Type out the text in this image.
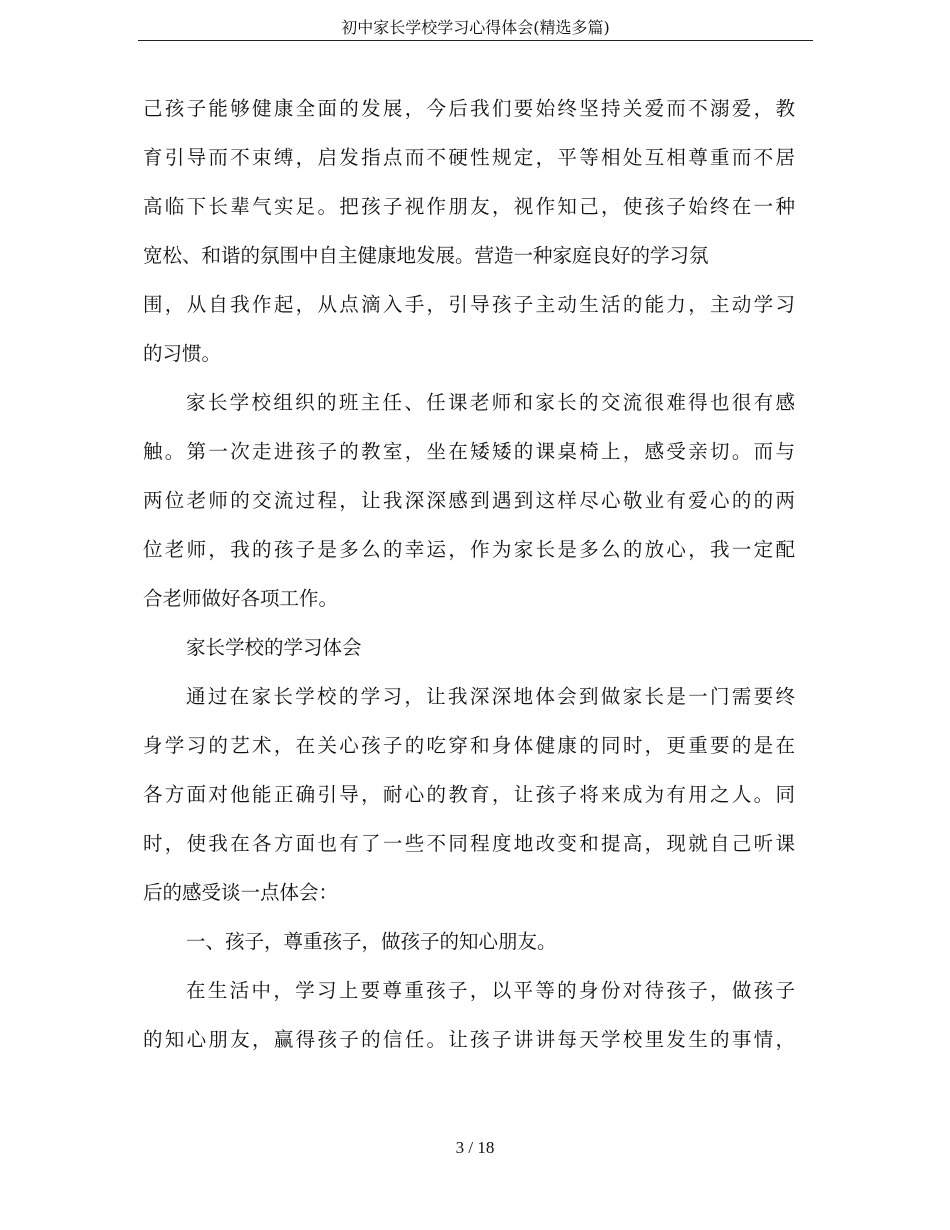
初中家长学校学习心得体会(精选多篇)
己孩子能够健康全面的发展，今后我们要始终坚持关爱而不溺爱，教
育引导而不束缚，启发指点而不硬性规定，平等相处互相尊重而不居
高临下长辈气实足。把孩子视作朋友，视作知己，使孩子始终在一种
宽松、和谐的氛围中自主健康地发展。营造一种家庭良好的学习氛
围，从自我作起，从点滴入手，引导孩子主动生活的能力，主动学习
的习惯。
家长学校组织的班主任、任课老师和家长的交流很难得也很有感
触。第一次走进孩子的教室，坐在矮矮的课桌椅上，感受亲切。而与
两位老师的交流过程，让我深深感到遇到这样尽心敬业有爱心的的两
位老师，我的孩子是多么的幸运，作为家长是多么的放心，我一定配
合老师做好各项工作。
家长学校的学习体会
通过在家长学校的学习，让我深深地体会到做家长是一门需要终
身学习的艺术，在关心孩子的吃穿和身体健康的同时，更重要的是在
各方面对他能正确引导，耐心的教育，让孩子将来成为有用之人。同
时，使我在各方面也有了一些不同程度地改变和提高，现就自己听课
后的感受谈一点体会：
一、孩子，尊重孩子，做孩子的知心朋友。
在生活中，学习上要尊重孩子，以平等的身份对待孩子，做孩子
的知心朋友，赢得孩子的信任。让孩子讲讲每天学校里发生的事情，
3 / 18
